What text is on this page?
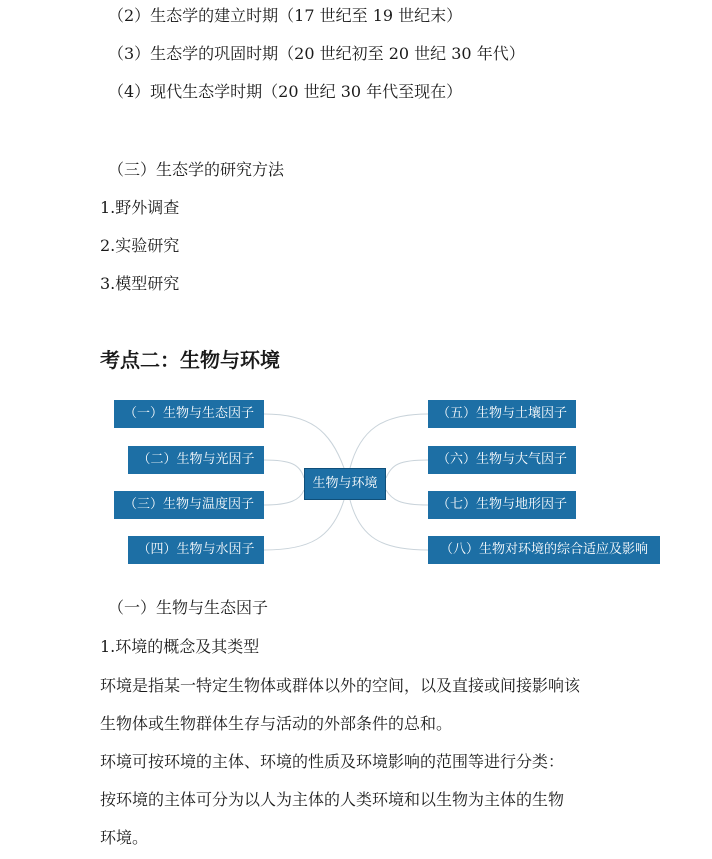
（2）生态学的建立时期（17 世纪至 19 世纪末）
（3）生态学的巩固时期（20 世纪初至 20 世纪 30 年代）
（4）现代生态学时期（20 世纪 30 年代至现在）
（三）生态学的研究方法
1.野外调查
2.实验研究
3.模型研究
考点二：生物与环境
（一）生物与生态因子
（二）生物与光因子
（三）生物与温度因子
（四）生物与水因子
生物与环境
（五）生物与土壤因子
（六）生物与大气因子
（七）生物与地形因子
（八）生物对环境的综合适应及影响
（一）生物与生态因子
1.环境的概念及其类型
环境是指某一特定生物体或群体以外的空间，以及直接或间接影响该
生物体或生物群体生存与活动的外部条件的总和。
环境可按环境的主体、环境的性质及环境影响的范围等进行分类：
按环境的主体可分为以人为主体的人类环境和以生物为主体的生物
环境。
